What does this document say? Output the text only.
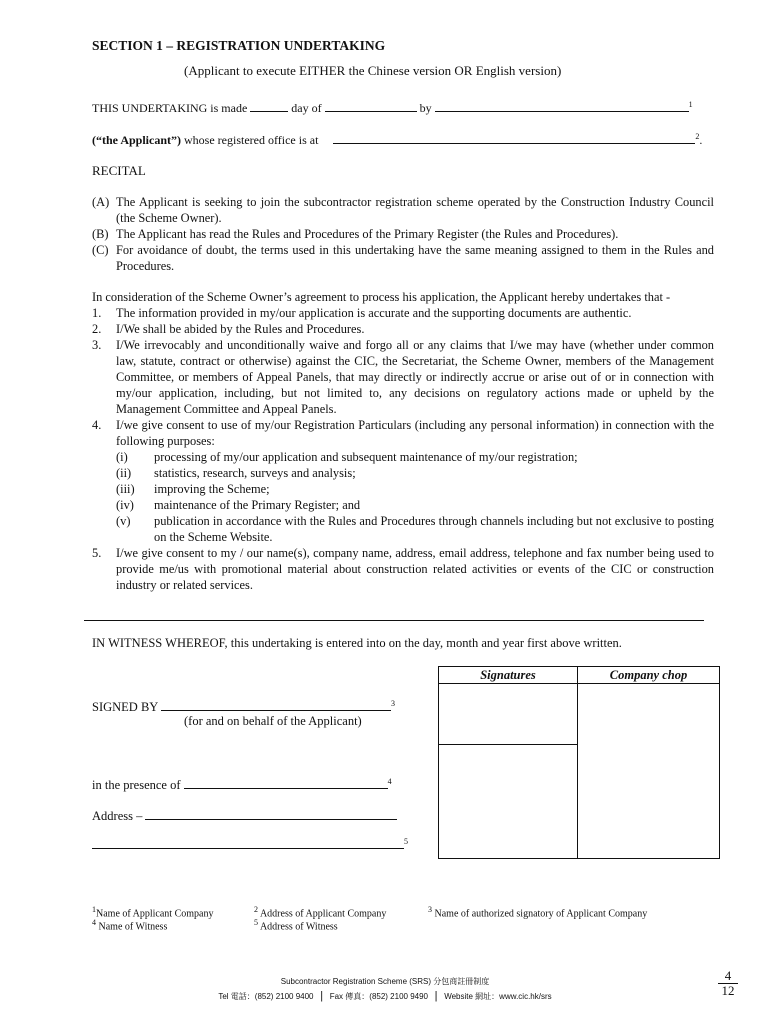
SECTION 1 – REGISTRATION UNDERTAKING
(Applicant to execute EITHER the Chinese version OR English version)
THIS UNDERTAKING is made	day of	by	$^1$
(“the Applicant”) whose registered office is at	$^2$.
RECITAL
(A) The Applicant is seeking to join the subcontractor registration scheme operated by the Construction Industry Council (the Scheme Owner).
(B) The Applicant has read the Rules and Procedures of the Primary Register (the Rules and Procedures).
(C) For avoidance of doubt, the terms used in this undertaking have the same meaning assigned to them in the Rules and Procedures.
In consideration of the Scheme Owner’s agreement to process his application, the Applicant hereby undertakes that -
1. The information provided in my/our application is accurate and the supporting documents are authentic.
2. I/We shall be abided by the Rules and Procedures.
3. I/We irrevocably and unconditionally waive and forgo all or any claims that I/we may have (whether under common law, statute, contract or otherwise) against the CIC, the Secretariat, the Scheme Owner, members of the Management Committee, or members of Appeal Panels, that may directly or indirectly accrue or arise out of or in connection with my/our application, including, but not limited to, any decisions on regulatory actions made or upheld by the Management Committee and Appeal Panels.
4. I/we give consent to use of my/our Registration Particulars (including any personal information) in connection with the following purposes:
(i) processing of my/our application and subsequent maintenance of my/our registration;
(ii) statistics, research, surveys and analysis;
(iii) improving the Scheme;
(iv) maintenance of the Primary Register; and
(v) publication in accordance with the Rules and Procedures through channels including but not exclusive to posting on the Scheme Website.
5. I/we give consent to my / our name(s), company name, address, email address, telephone and fax number being used to provide me/us with promotional material about construction related activities or events of the CIC or construction industry or related services.
IN WITNESS WHEREOF, this undertaking is entered into on the day, month and year first above written.
Signatures	Company chop

SIGNED BY	$^3$
(for and on behalf of the Applicant)
in the presence of	$^4$
Address –
$^5$
$^1$Name of Applicant Company	$^2$ Address of Applicant Company	$^3$ Name of authorized signatory of Applicant Company
$^4$ Name of Witness	$^5$ Address of Witness
Subcontractor Registration Scheme (SRS) 分包商註冊制度
Tel 電話：(852) 2100 9400 | Fax 傳真：(852) 2100 9490 | Website 網址：www.cic.hk/srs
4
12
